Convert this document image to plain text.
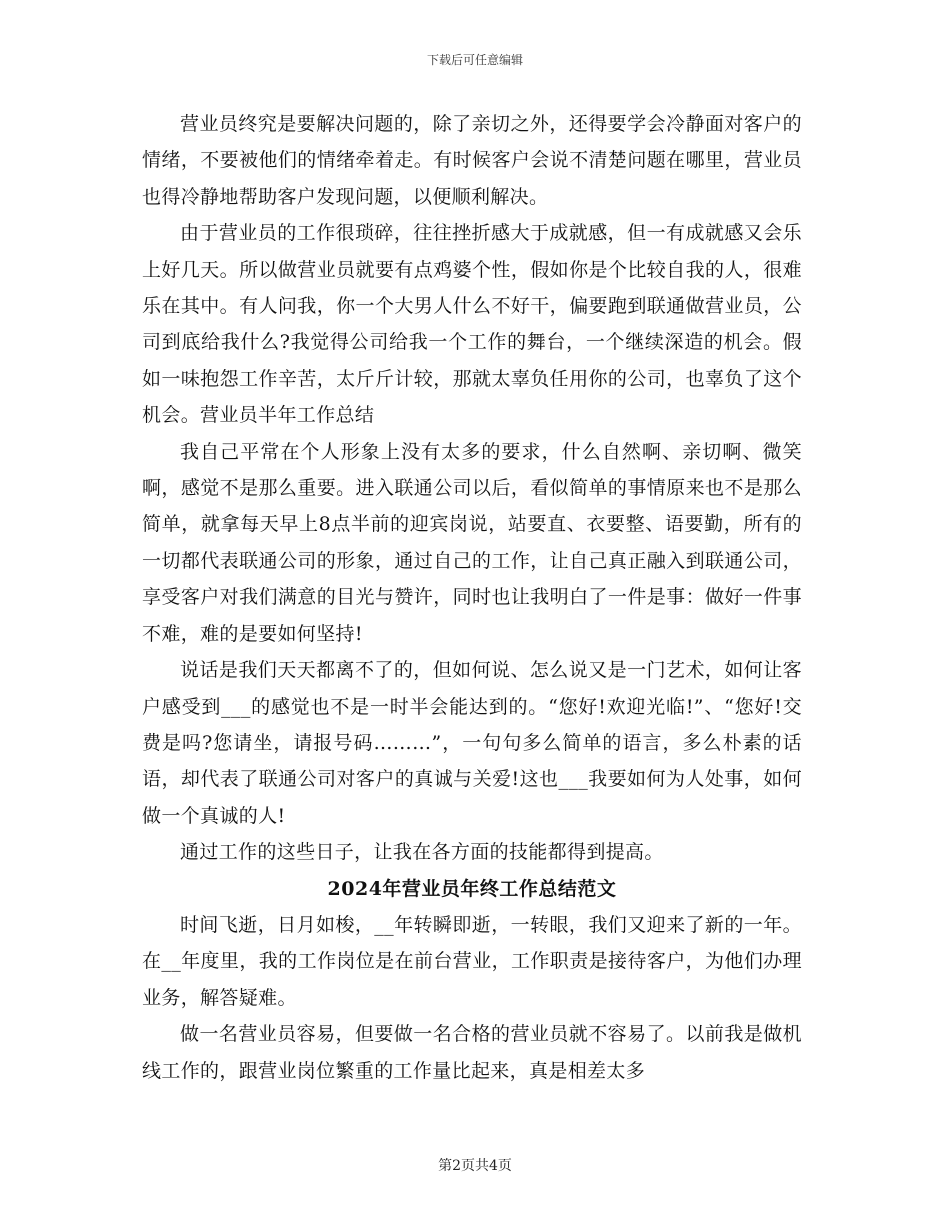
下载后可任意编辑

营业员终究是要解决问题的，除了亲切之外，还得要学会冷静面对客户的情绪，不要被他们的情绪牵着走。有时候客户会说不清楚问题在哪里，营业员也得冷静地帮助客户发现问题，以便顺利解决。

由于营业员的工作很琐碎，往往挫折感大于成就感，但一有成就感又会乐上好几天。所以做营业员就要有点鸡婆个性，假如你是个比较自我的人，很难乐在其中。有人问我，你一个大男人什么不好干，偏要跑到联通做营业员，公司到底给我什么?我觉得公司给我一个工作的舞台，一个继续深造的机会。假如一味抱怨工作辛苦，太斤斤计较，那就太辜负任用你的公司，也辜负了这个机会。营业员半年工作总结

我自己平常在个人形象上没有太多的要求，什么自然啊、亲切啊、微笑啊，感觉不是那么重要。进入联通公司以后，看似简单的事情原来也不是那么简单，就拿每天早上8点半前的迎宾岗说，站要直、衣要整、语要勤，所有的一切都代表联通公司的形象，通过自己的工作，让自己真正融入到联通公司，享受客户对我们满意的目光与赞许，同时也让我明白了一件是事：做好一件事不难，难的是要如何坚持!

说话是我们天天都离不了的，但如何说、怎么说又是一门艺术，如何让客户感受到___的感觉也不是一时半会能达到的。“您好!欢迎光临!”、“您好!交费是吗?您请坐，请报号码………”，一句句多么简单的语言，多么朴素的话语，却代表了联通公司对客户的真诚与关爱!这也___我要如何为人处事，如何做一个真诚的人!

通过工作的这些日子，让我在各方面的技能都得到提高。

2024年营业员年终工作总结范文

时间飞逝，日月如梭，__年转瞬即逝，一转眼，我们又迎来了新的一年。在__年度里，我的工作岗位是在前台营业，工作职责是接待客户，为他们办理业务，解答疑难。

做一名营业员容易，但要做一名合格的营业员就不容易了。以前我是做机线工作的，跟营业岗位繁重的工作量比起来，真是相差太多

第2页共4页
